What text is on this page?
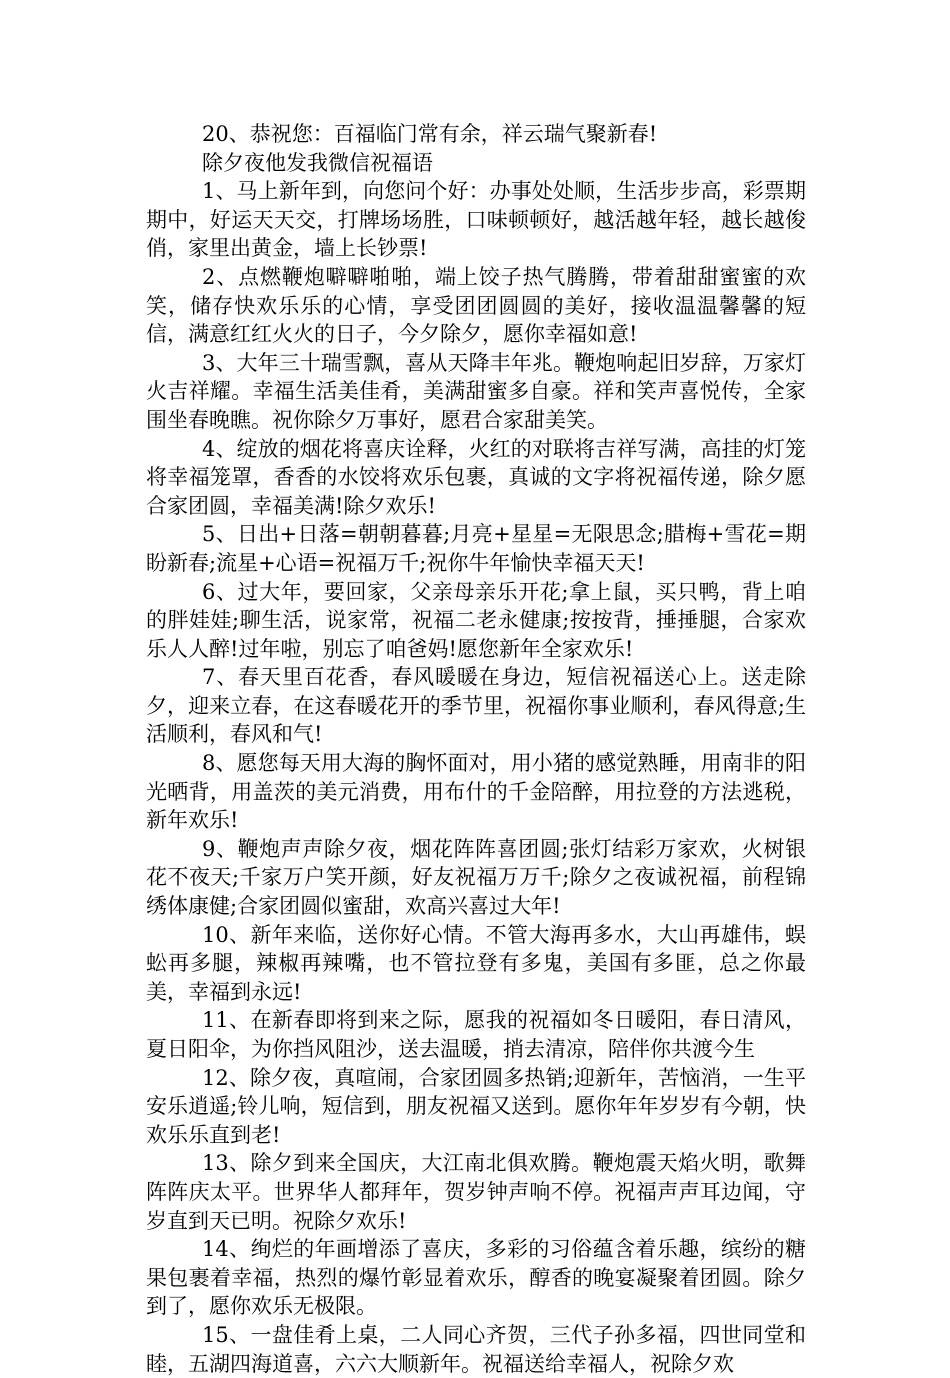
20、恭祝您：百福临门常有余，祥云瑞气聚新春!

除夕夜他发我微信祝福语

1、马上新年到，向您问个好：办事处处顺，生活步步高，彩票期期中，好运天天交，打牌场场胜，口味顿顿好，越活越年轻，越长越俊俏，家里出黄金，墙上长钞票!

2、点燃鞭炮噼噼啪啪，端上饺子热气腾腾，带着甜甜蜜蜜的欢笑，储存快欢乐乐的心情，享受团团圆圆的美好，接收温温馨馨的短信，满意红红火火的日子，今夕除夕，愿你幸福如意!

3、大年三十瑞雪飘，喜从天降丰年兆。鞭炮响起旧岁辞，万家灯火吉祥耀。幸福生活美佳肴，美满甜蜜多自豪。祥和笑声喜悦传，全家围坐春晚瞧。祝你除夕万事好，愿君合家甜美笑。

4、绽放的烟花将喜庆诠释，火红的对联将吉祥写满，高挂的灯笼将幸福笼罩，香香的水饺将欢乐包裹，真诚的文字将祝福传递，除夕愿合家团圆，幸福美满!除夕欢乐!

5、日出+日落=朝朝暮暮;月亮+星星=无限思念;腊梅+雪花=期盼新春;流星+心语=祝福万千;祝你牛年愉快幸福天天!

6、过大年，要回家，父亲母亲乐开花;拿上鼠，买只鸭，背上咱的胖娃娃;聊生活，说家常，祝福二老永健康;按按背，捶捶腿，合家欢乐人人醉!过年啦，别忘了咱爸妈!愿您新年全家欢乐!

7、春天里百花香，春风暖暖在身边，短信祝福送心上。送走除夕，迎来立春，在这春暖花开的季节里，祝福你事业顺利，春风得意;生活顺利，春风和气!

8、愿您每天用大海的胸怀面对，用小猪的感觉熟睡，用南非的阳光晒背，用盖茨的美元消费，用布什的千金陪醉，用拉登的方法逃税，新年欢乐!

9、鞭炮声声除夕夜，烟花阵阵喜团圆;张灯结彩万家欢，火树银花不夜天;千家万户笑开颜，好友祝福万万千;除夕之夜诚祝福，前程锦绣体康健;合家团圆似蜜甜，欢高兴喜过大年!

10、新年来临，送你好心情。不管大海再多水，大山再雄伟，蜈蚣再多腿，辣椒再辣嘴，也不管拉登有多鬼，美国有多匪，总之你最美，幸福到永远!

11、在新春即将到来之际，愿我的祝福如冬日暖阳，春日清风，夏日阳伞，为你挡风阻沙，送去温暖，捎去清凉，陪伴你共渡今生

12、除夕夜，真喧闹，合家团圆多热销;迎新年，苦恼消，一生平安乐逍遥;铃儿响，短信到，朋友祝福又送到。愿你年年岁岁有今朝，快欢乐乐直到老!

13、除夕到来全国庆，大江南北俱欢腾。鞭炮震天焰火明，歌舞阵阵庆太平。世界华人都拜年，贺岁钟声响不停。祝福声声耳边闻，守岁直到天已明。祝除夕欢乐!

14、绚烂的年画增添了喜庆，多彩的习俗蕴含着乐趣，缤纷的糖果包裹着幸福，热烈的爆竹彰显着欢乐，醇香的晚宴凝聚着团圆。除夕到了，愿你欢乐无极限。

15、一盘佳肴上桌，二人同心齐贺，三代子孙多福，四世同堂和睦，五湖四海道喜，六六大顺新年。祝福送给幸福人，祝除夕欢
